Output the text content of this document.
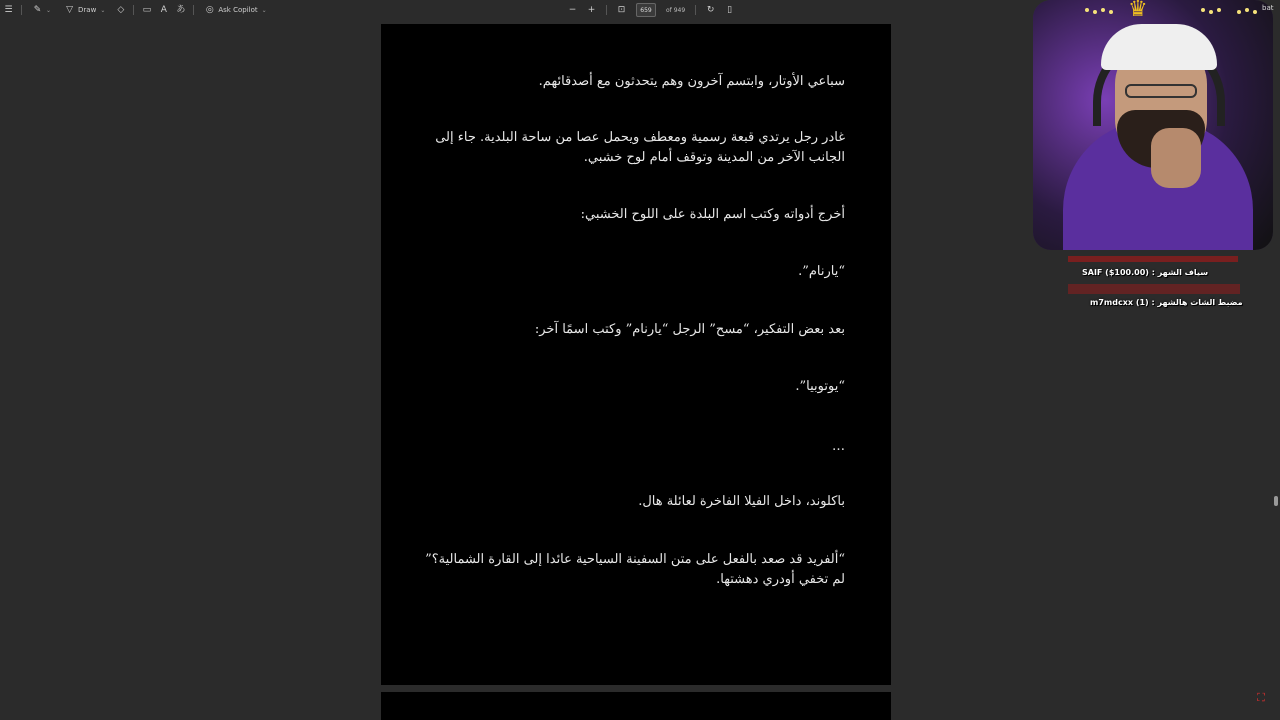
☰ ✎ ⌄ ▽ Draw ⌄ ◇ ▭ A あ ◎ Ask Copilot ⌄	− + ⊡	659	of 949 ↻ ▯
سباعي الأوتار، وابتسم آخرون وهم يتحدثون مع أصدقائهم.
غادر رجل يرتدي قبعة رسمية ومعطف ويحمل عصا من ساحة البلدية. جاء إلى الجانب الآخر من المدينة وتوقف أمام لوح خشبي.
أخرج أدواته وكتب اسم البلدة على اللوح الخشبي:
“يارنام”.
بعد بعض التفكير، “مسح” الرجل “يارنام” وكتب اسمًا آخر:
“يوتوبيا”.
…
باكلوند، داخل الفيلا الفاخرة لعائلة هال.
“ألفريد قد صعد بالفعل على متن السفينة السياحية عائدا إلى القارة الشمالية؟” لم تخفي أودري دهشتها.
♛	bat
سياف الشهر : SAIF ($100.00)
مضبط الشات هالشهر : m7mdcxx (1)
⛶
